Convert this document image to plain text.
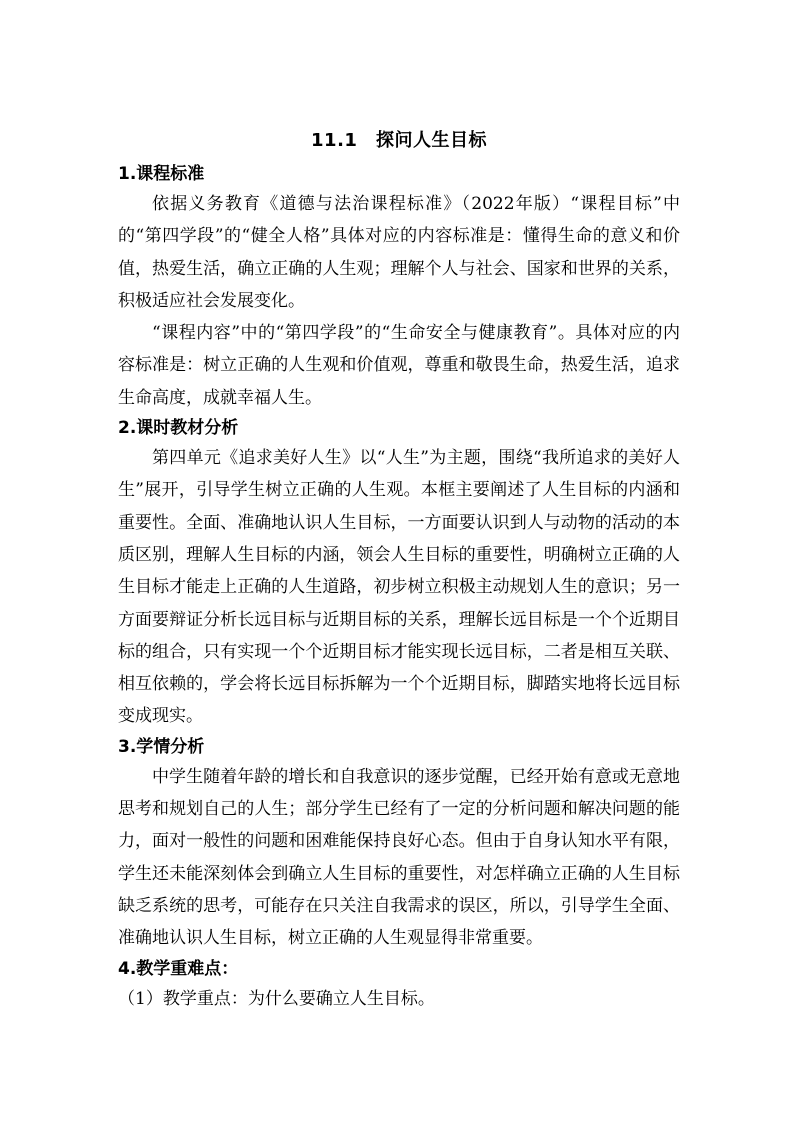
11.1　探问人生目标
1.课程标准

依据义务教育《道德与法治课程标准》（2022年版）“课程目标”中的“第四学段”的“健全人格”具体对应的内容标准是：懂得生命的意义和价值，热爱生活，确立正确的人生观；理解个人与社会、国家和世界的关系，积极适应社会发展变化。

“课程内容”中的“第四学段”的“生命安全与健康教育”。具体对应的内容标准是：树立正确的人生观和价值观，尊重和敬畏生命，热爱生活，追求生命高度，成就幸福人生。

2.课时教材分析

第四单元《追求美好人生》以“人生”为主题，围绕“我所追求的美好人生”展开，引导学生树立正确的人生观。本框主要阐述了人生目标的内涵和重要性。全面、准确地认识人生目标，一方面要认识到人与动物的活动的本质区别，理解人生目标的内涵，领会人生目标的重要性，明确树立正确的人生目标才能走上正确的人生道路，初步树立积极主动规划人生的意识；另一方面要辩证分析长远目标与近期目标的关系，理解长远目标是一个个近期目标的组合，只有实现一个个近期目标才能实现长远目标，二者是相互关联、相互依赖的，学会将长远目标拆解为一个个近期目标，脚踏实地将长远目标变成现实。

3.学情分析

中学生随着年龄的增长和自我意识的逐步觉醒，已经开始有意或无意地思考和规划自己的人生；部分学生已经有了一定的分析问题和解决问题的能力，面对一般性的问题和困难能保持良好心态。但由于自身认知水平有限，学生还未能深刻体会到确立人生目标的重要性，对怎样确立正确的人生目标缺乏系统的思考，可能存在只关注自我需求的误区，所以，引导学生全面、准确地认识人生目标，树立正确的人生观显得非常重要。

4.教学重难点：

（1）教学重点：为什么要确立人生目标。
